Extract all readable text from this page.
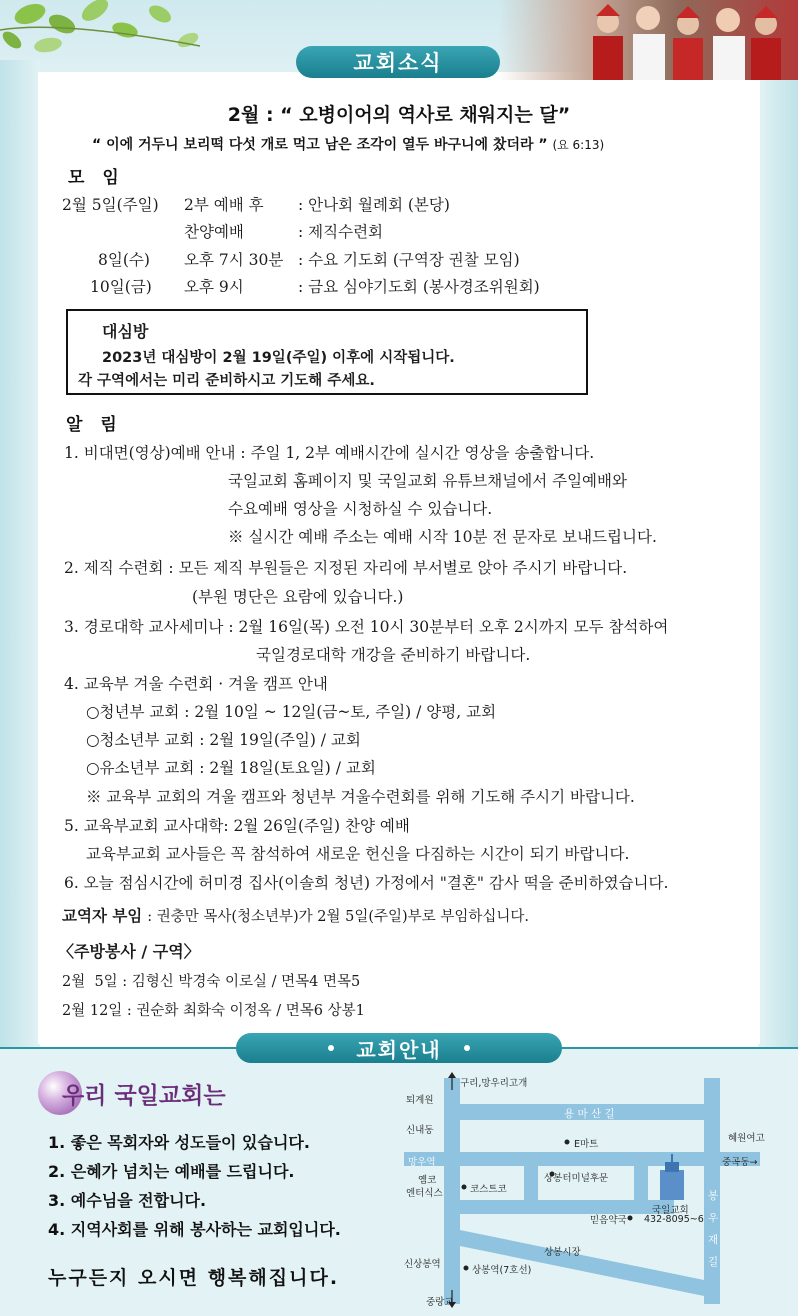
교회소식
2월 : “ 오병이어의 역사로 채워지는 달”
“ 이에 거두니 보리떡 다섯 개로 먹고 남은 조각이 열두 바구니에 찼더라 ” (요 6:13)
모 임
2월 5일(주일) 2부 예배 후 : 안나회 월례회 (본당)
찬양예배	: 제직수련회
8일(수) 오후 7시 30분 : 수요 기도회 (구역장 권찰 모임)
10일(금) 오후 9시	: 금요 심야기도회 (봉사경조위원회)
대심방
2023년 대심방이 2월 19일(주일) 이후에 시작됩니다.
각 구역에서는 미리 준비하시고 기도해 주세요.
알 림
1. 비대면(영상)예배 안내 : 주일 1, 2부 예배시간에 실시간 영상을 송출합니다.
국일교회 홈페이지 및 국일교회 유튜브채널에서 주일예배와
수요예배 영상을 시청하실 수 있습니다.
※ 실시간 예배 주소는 예배 시작 10분 전 문자로 보내드립니다.
2. 제직 수련회 : 모든 제직 부원들은 지정된 자리에 부서별로 앉아 주시기 바랍니다.
(부원 명단은 요람에 있습니다.)
3. 경로대학 교사세미나 : 2월 16일(목) 오전 10시 30분부터 오후 2시까지 모두 참석하여
국일경로대학 개강을 준비하기 바랍니다.
4. 교육부 겨울 수련회 · 겨울 캠프 안내
○청년부 교회 : 2월 10일 ~ 12일(금~토, 주일) / 양평, 교회
○청소년부 교회 : 2월 19일(주일) / 교회
○유소년부 교회 : 2월 18일(토요일) / 교회
※ 교육부 교회의 겨울 캠프와 청년부 겨울수련회를 위해 기도해 주시기 바랍니다.
5. 교육부교회 교사대학: 2월 26일(주일) 찬양 예배
교육부교회 교사들은 꼭 참석하여 새로운 헌신을 다짐하는 시간이 되기 바랍니다.
6. 오늘 점심시간에 허미경 집사(이솔희 청년) 가정에서 "결혼" 감사 떡을 준비하였습니다.
교역자 부임 : 권충만 목사(청소년부)가 2월 5일(주일)부로 부임하십니다.
〈주방봉사 / 구역〉
2월  5일 : 김형신 박경숙 이로실 / 면목4 면목5
2월 12일 : 권순화 최화숙 이정옥 / 면목6 상봉1
교회안내
우리 국일교회는
1. 좋은 목회자와 성도들이 있습니다.
2. 은혜가 넘치는 예배를 드립니다.
3. 예수님을 전합니다.
4. 지역사회를 위해 봉사하는 교회입니다.
누구든지 오시면 행복해집니다.
구리,망우리고개
퇴계원
용 마 산 길
신내동
E마트
혜원여고
망우역	중곡동→
옘코
엔터식스	코스트코
상봉터미널후문
국일교회
432-8095~6
믿음약국
봉
우
재
길
신상봉역
상봉역(7호선)
상봉시장
중랑교
